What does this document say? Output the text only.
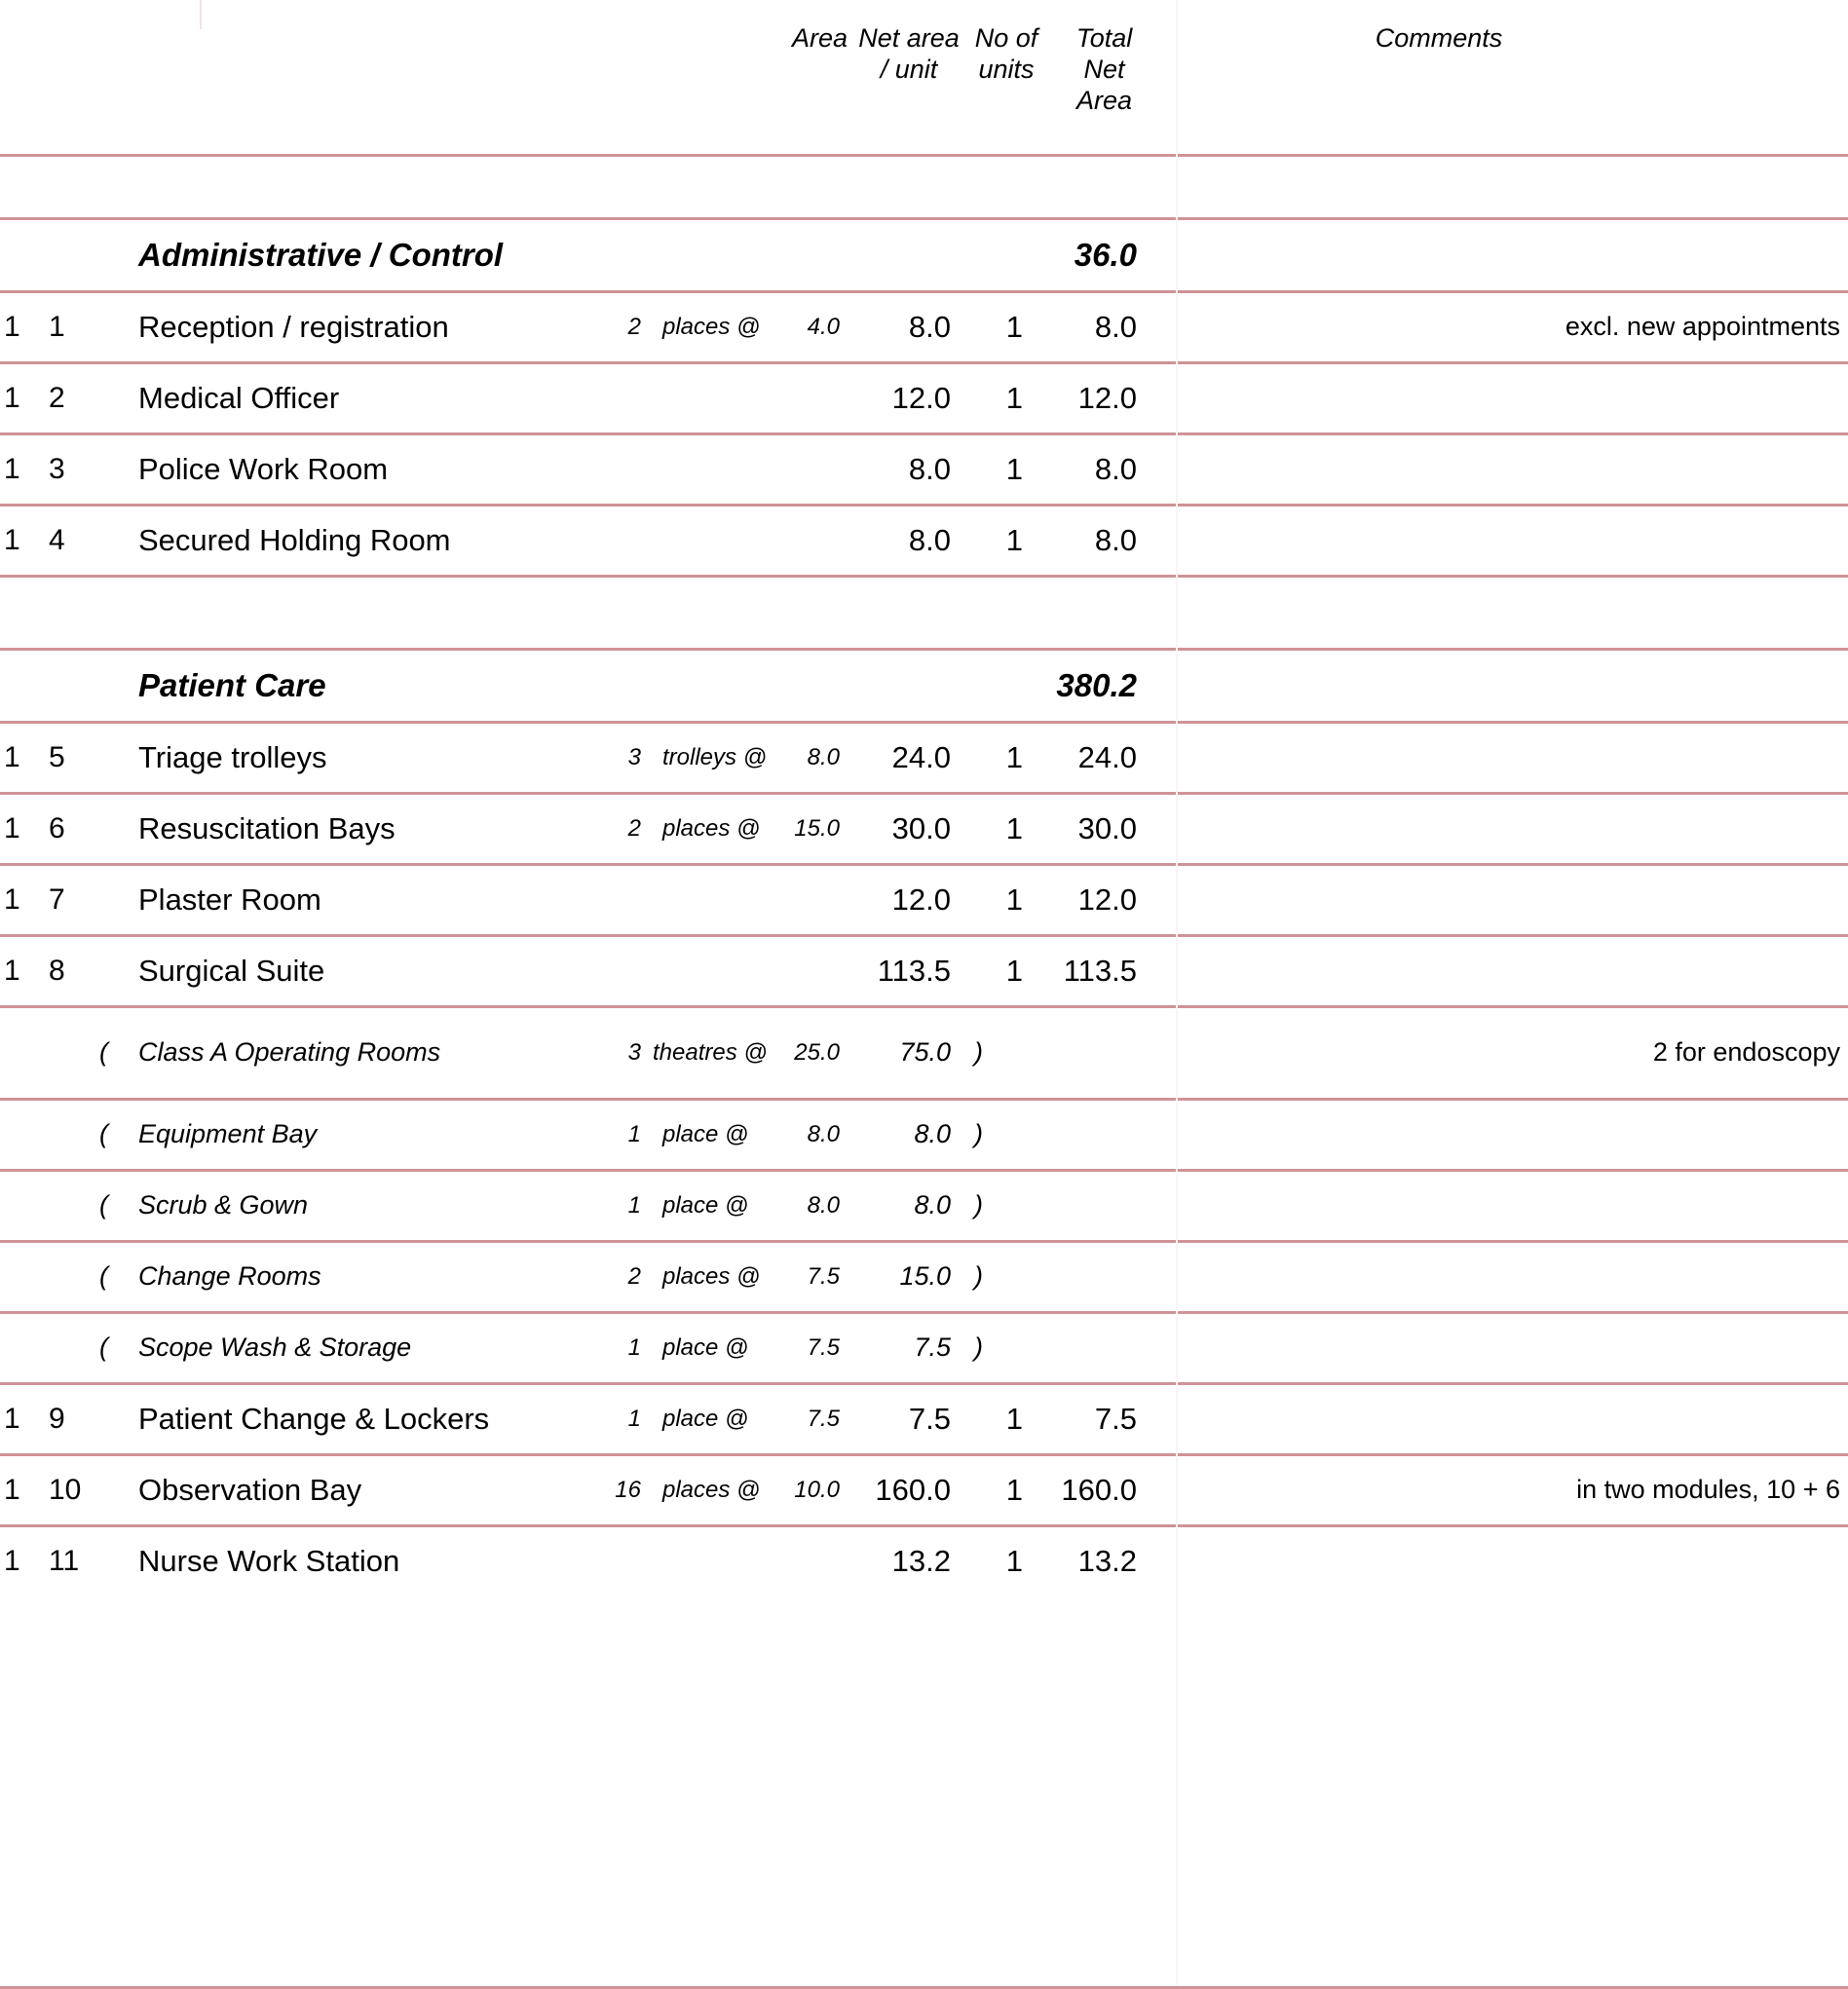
					Area	Net area / unit	No of units	Total Net Area	Comments

		Administrative / Control						36.0	

1	1	Reception / registration	2	places @	4.0	8.0	1	8.0	excl. new appointments

1	2	Medical Officer				12.0	1	12.0	

1	3	Police Work Room				8.0	1	8.0	

1	4	Secured Holding Room				8.0	1	8.0	

		Patient Care						380.2	

1	5	Triage trolleys	3	trolleys @	8.0	24.0	1	24.0	

1	6	Resuscitation Bays	2	places @	15.0	30.0	1	30.0	

1	7	Plaster Room				12.0	1	12.0	

1	8	Surgical Suite				113.5	1	113.5	

	(	Class A Operating Rooms	3	theatres @	25.0	75.0	)		2 for endoscopy

	(	Equipment Bay	1	place @	8.0	8.0	)		

	(	Scrub & Gown	1	place @	8.0	8.0	)		

	(	Change Rooms	2	places @	7.5	15.0	)		

	(	Scope Wash & Storage	1	place @	7.5	7.5	)		

1	9	Patient Change & Lockers	1	place @	7.5	7.5	1	7.5	

1	10	Observation Bay	16	places @	10.0	160.0	1	160.0	in two modules, 10 + 6

1	11	Nurse Work Station				13.2	1	13.2	
